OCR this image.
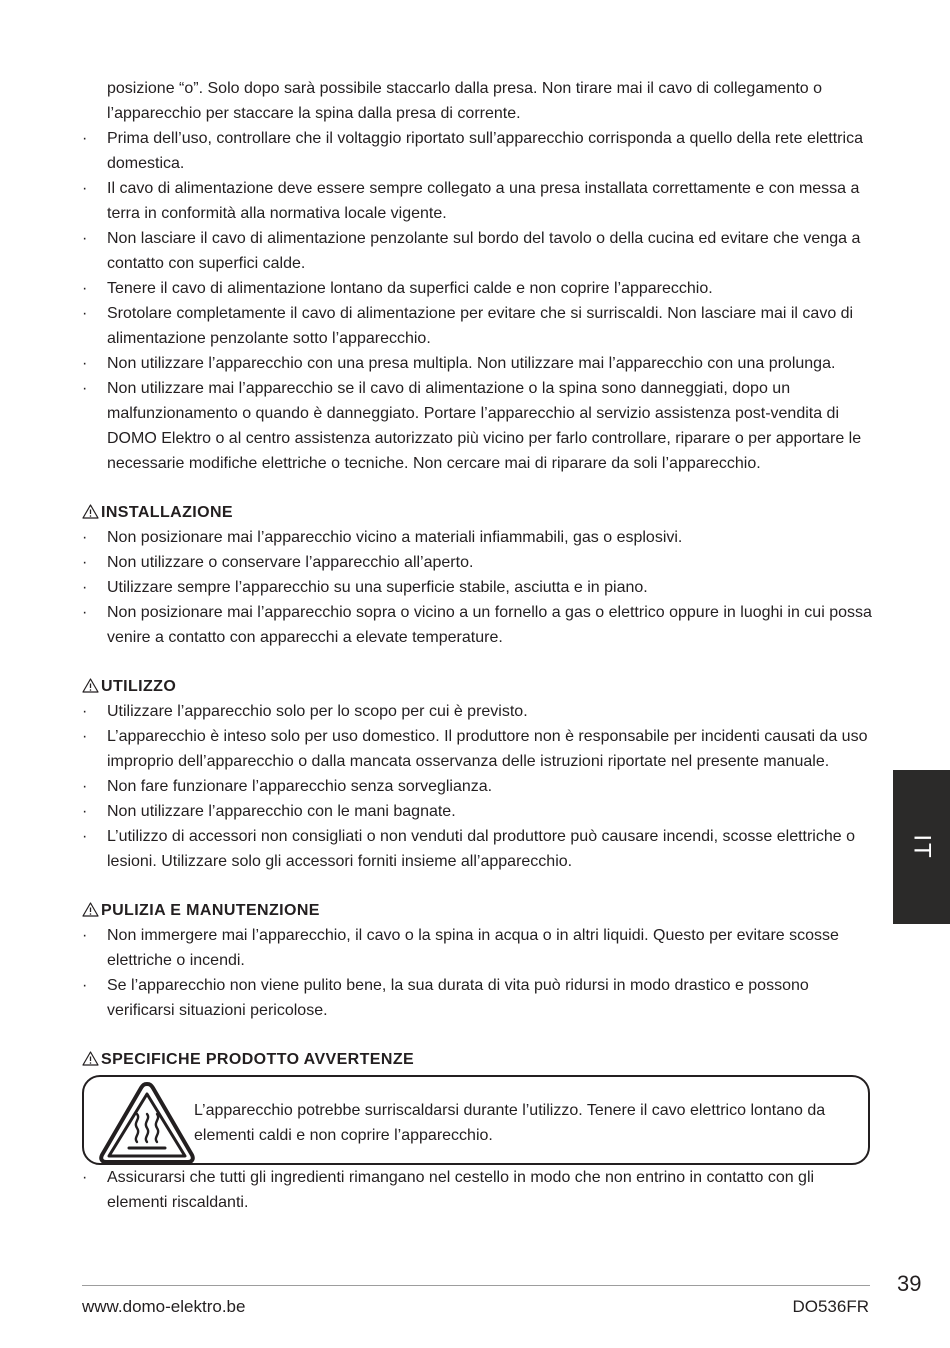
posizione “o”. Solo dopo sarà possibile staccarlo dalla presa. Non tirare mai il cavo di collegamento o l’apparecchio per staccare la spina dalla presa di corrente.
· Prima dell’uso, controllare che il voltaggio riportato sull’apparecchio corrisponda a quello della rete elettrica domestica.
· Il cavo di alimentazione deve essere sempre collegato a una presa installata correttamente e con messa a terra in conformità alla normativa locale vigente.
· Non lasciare il cavo di alimentazione penzolante sul bordo del tavolo o della cucina ed evitare che venga a contatto con superfici calde.
· Tenere il cavo di alimentazione lontano da superfici calde e non coprire l’apparecchio.
· Srotolare completamente il cavo di alimentazione per evitare che si surriscaldi. Non lasciare mai il cavo di alimentazione penzolante sotto l’apparecchio.
· Non utilizzare l’apparecchio con una presa multipla. Non utilizzare mai l’apparecchio con una prolunga.
· Non utilizzare mai l’apparecchio se il cavo di alimentazione o la spina sono danneggiati, dopo un malfunzionamento o quando è danneggiato. Portare l’apparecchio al servizio assistenza post-vendita di DOMO Elektro o al centro assistenza autorizzato più vicino per farlo controllare, riparare o per apportare le necessarie modifiche elettriche o tecniche. Non cercare mai di riparare da soli l’apparecchio.
INSTALLAZIONE
· Non posizionare mai l’apparecchio vicino a materiali infiammabili, gas o esplosivi.
· Non utilizzare o conservare l’apparecchio all’aperto.
· Utilizzare sempre l’apparecchio su una superficie stabile, asciutta e in piano.
· Non posizionare mai l’apparecchio sopra o vicino a un fornello a gas o elettrico oppure in luoghi in cui possa venire a contatto con apparecchi a elevate temperature.
UTILIZZO
· Utilizzare l’apparecchio solo per lo scopo per cui è previsto.
· L’apparecchio è inteso solo per uso domestico. Il produttore non è responsabile per incidenti causati da uso improprio dell’apparecchio o dalla mancata osservanza delle istruzioni riportate nel presente manuale.
· Non fare funzionare l’apparecchio senza sorveglianza.
· Non utilizzare l’apparecchio con le mani bagnate.
· L’utilizzo di accessori non consigliati o non venduti dal produttore può causare incendi, scosse elettriche o lesioni. Utilizzare solo gli accessori forniti insieme all’apparecchio.
PULIZIA E MANUTENZIONE
· Non immergere mai l’apparecchio, il cavo o la spina in acqua o in altri liquidi. Questo per evitare scosse elettriche o incendi.
· Se l’apparecchio non viene pulito bene, la sua durata di vita può ridursi in modo drastico e possono verificarsi situazioni pericolose.
SPECIFICHE PRODOTTO AVVERTENZE
L’apparecchio potrebbe surriscaldarsi durante l’utilizzo. Tenere il cavo elettrico lontano da elementi caldi e non coprire l’apparecchio.
· Assicurarsi che tutti gli ingredienti rimangano nel cestello in modo che non entrino in contatto con gli elementi riscaldanti.
IT
39
www.domo-elektro.be	DO536FR
